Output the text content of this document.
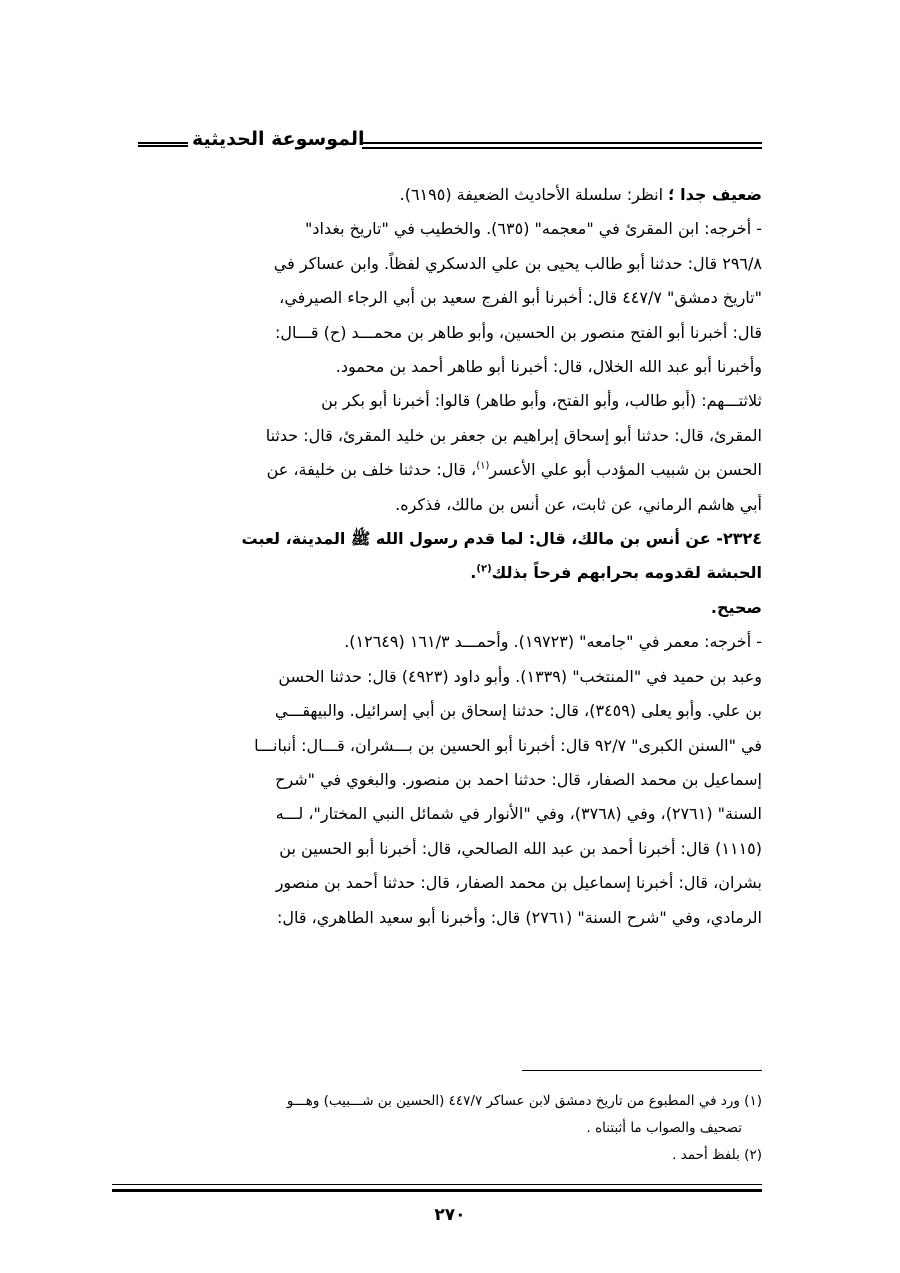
الموسوعة الحديثية

ضعيف جدا ؛ انظر: سلسلة الأحاديث الضعيفة (٦١٩٥).

- أخرجه: ابن المقرئ في "معجمه" (٦٣٥). والخطيب في "تاريخ بغداد"

٢٩٦/٨ قال: حدثنا أبو طالب يحيى بن علي الدسكري لفظاً. وابن عساكر في

"تاريخ دمشق" ٤٤٧/٧ قال: أخبرنا أبو الفرج سعيد بن أبي الرجاء الصيرفي،

قال: أخبرنا أبو الفتح منصور بن الحسين، وأبو طاهر بن محمـــد (ح) قـــال:

وأخبرنا أبو عبد الله الخلال، قال: أخبرنا أبو طاهر أحمد بن محمود.

ثلاثتـــهم: (أبو طالب، وأبو الفتح، وأبو طاهر) قالوا: أخبرنا أبو بكر بن

المقرئ، قال: حدثنا أبو إسحاق إبراهيم بن جعفر بن خليد المقرئ، قال: حدثنا

الحسن بن شبيب المؤدب أبو علي الأعسر$^{(١)}$، قال: حدثنا خلف بن خليفة، عن

أبي هاشم الرماني، عن ثابت، عن أنس بن مالك، فذكره.

٢٣٢٤- عن أنس بن مالك، قال: لما قدم رسول الله ﷺ المدينة، لعبت

الحبشة لقدومه بحرابهم فرحاً بذلك$^{(٢)}$.

صحيح.

- أخرجه: معمر في "جامعه" (١٩٧٢٣). وأحمـــد ١٦١/٣ (١٢٦٤٩).

وعبد بن حميد في "المنتخب" (١٣٣٩). وأبو داود (٤٩٢٣) قال: حدثنا الحسن

بن علي. وأبو يعلى (٣٤٥٩)، قال: حدثنا إسحاق بن أبي إسرائيل. والبيهقـــي

في "السنن الكبرى" ٩٢/٧ قال: أخبرنا أبو الحسين بن بـــشران، قـــال: أنبانـــا

إسماعيل بن محمد الصفار، قال: حدثنا احمد بن منصور. والبغوي في "شرح

السنة" (٢٧٦١)، وفي (٣٧٦٨)، وفي "الأنوار في شمائل النبي المختار"، لـــه

(١١١٥) قال: أخبرنا أحمد بن عبد الله الصالحي، قال: أخبرنا أبو الحسين بن

بشران، قال: أخبرنا إسماعيل بن محمد الصفار، قال: حدثنا أحمد بن منصور

الرمادي، وفي "شرح السنة" (٢٧٦١) قال: وأخبرنا أبو سعيد الطاهري، قال:

(١) ورد في المطبوع من تاريخ دمشق لابن عساكر ٤٤٧/٧ (الحسين بن شـــبيب) وهـــو

تصحيف والصواب ما أثبتناه .

(٢) بلفظ أحمد .

٢٧٠
